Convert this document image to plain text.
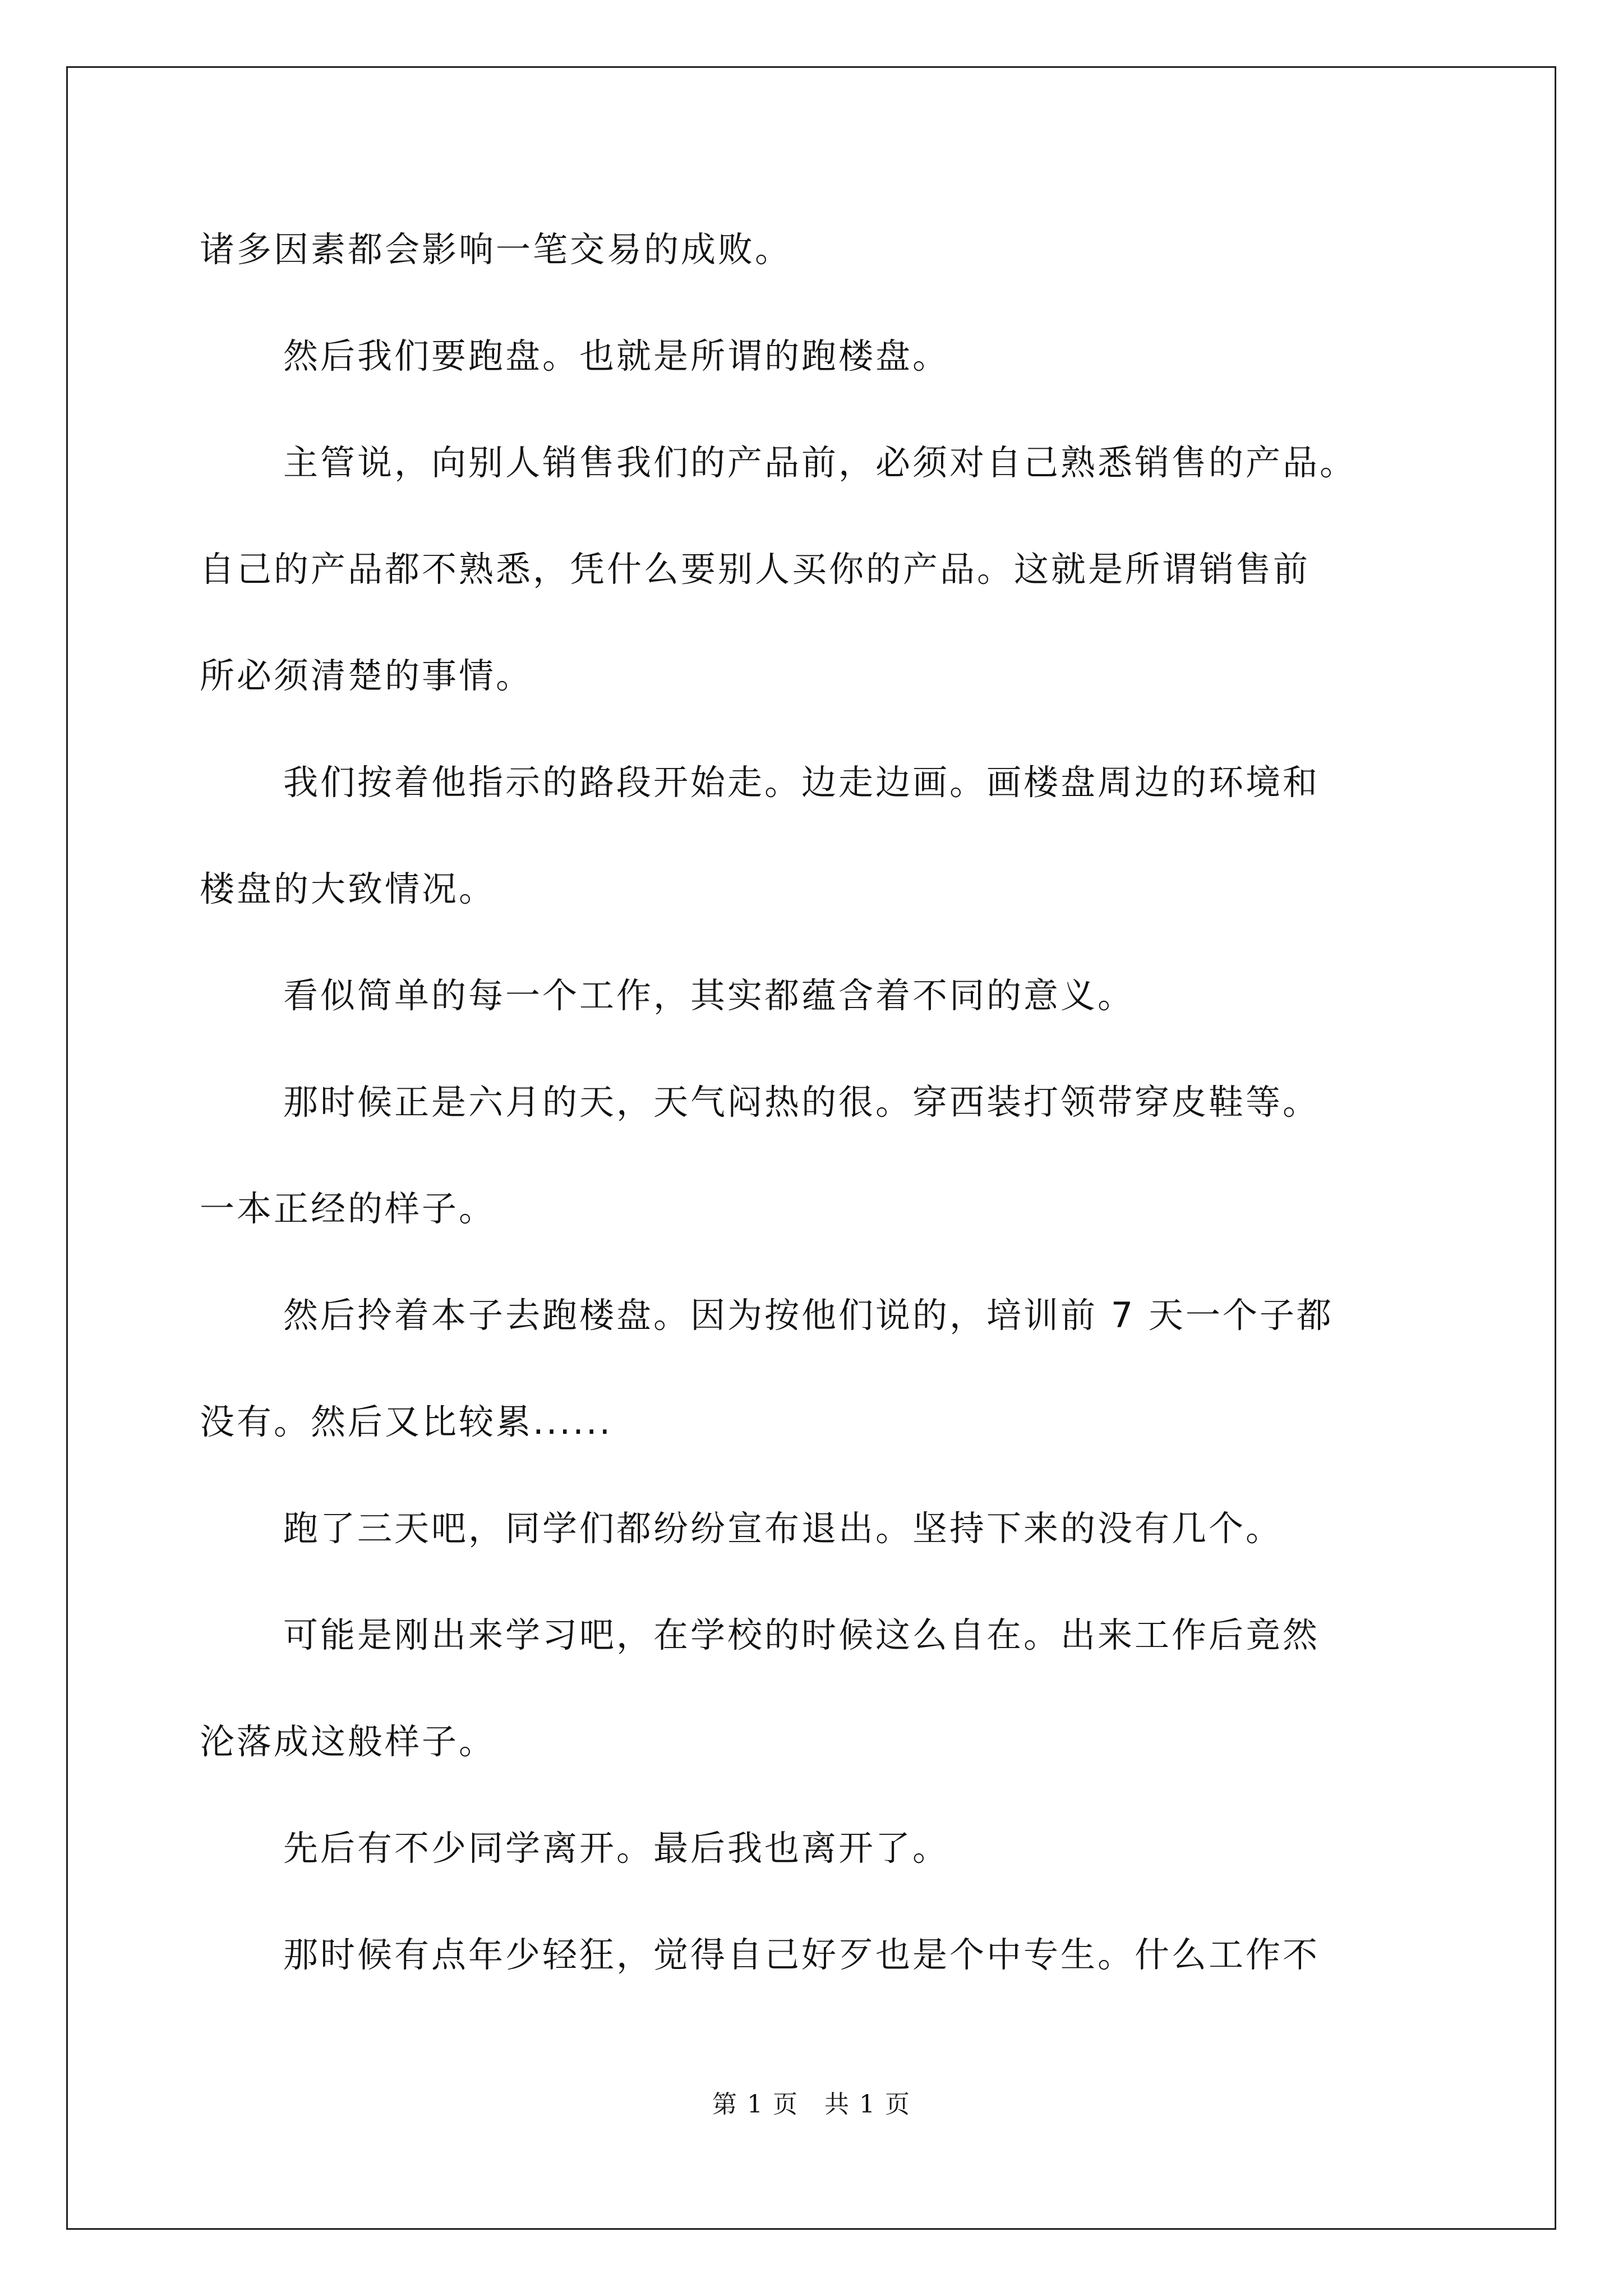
诸多因素都会影响一笔交易的成败。
然后我们要跑盘。也就是所谓的跑楼盘。
主管说，向别人销售我们的产品前，必须对自己熟悉销售的产品。
自己的产品都不熟悉，凭什么要别人买你的产品。这就是所谓销售前
所必须清楚的事情。
我们按着他指示的路段开始走。边走边画。画楼盘周边的环境和
楼盘的大致情况。
看似简单的每一个工作，其实都蕴含着不同的意义。
那时候正是六月的天，天气闷热的很。穿西装打领带穿皮鞋等。
一本正经的样子。
然后拎着本子去跑楼盘。因为按他们说的，培训前 7 天一个子都
没有。然后又比较累......
跑了三天吧，同学们都纷纷宣布退出。坚持下来的没有几个。
可能是刚出来学习吧，在学校的时候这么自在。出来工作后竟然
沦落成这般样子。
先后有不少同学离开。最后我也离开了。
那时候有点年少轻狂，觉得自己好歹也是个中专生。什么工作不
第 1 页　共 1 页
